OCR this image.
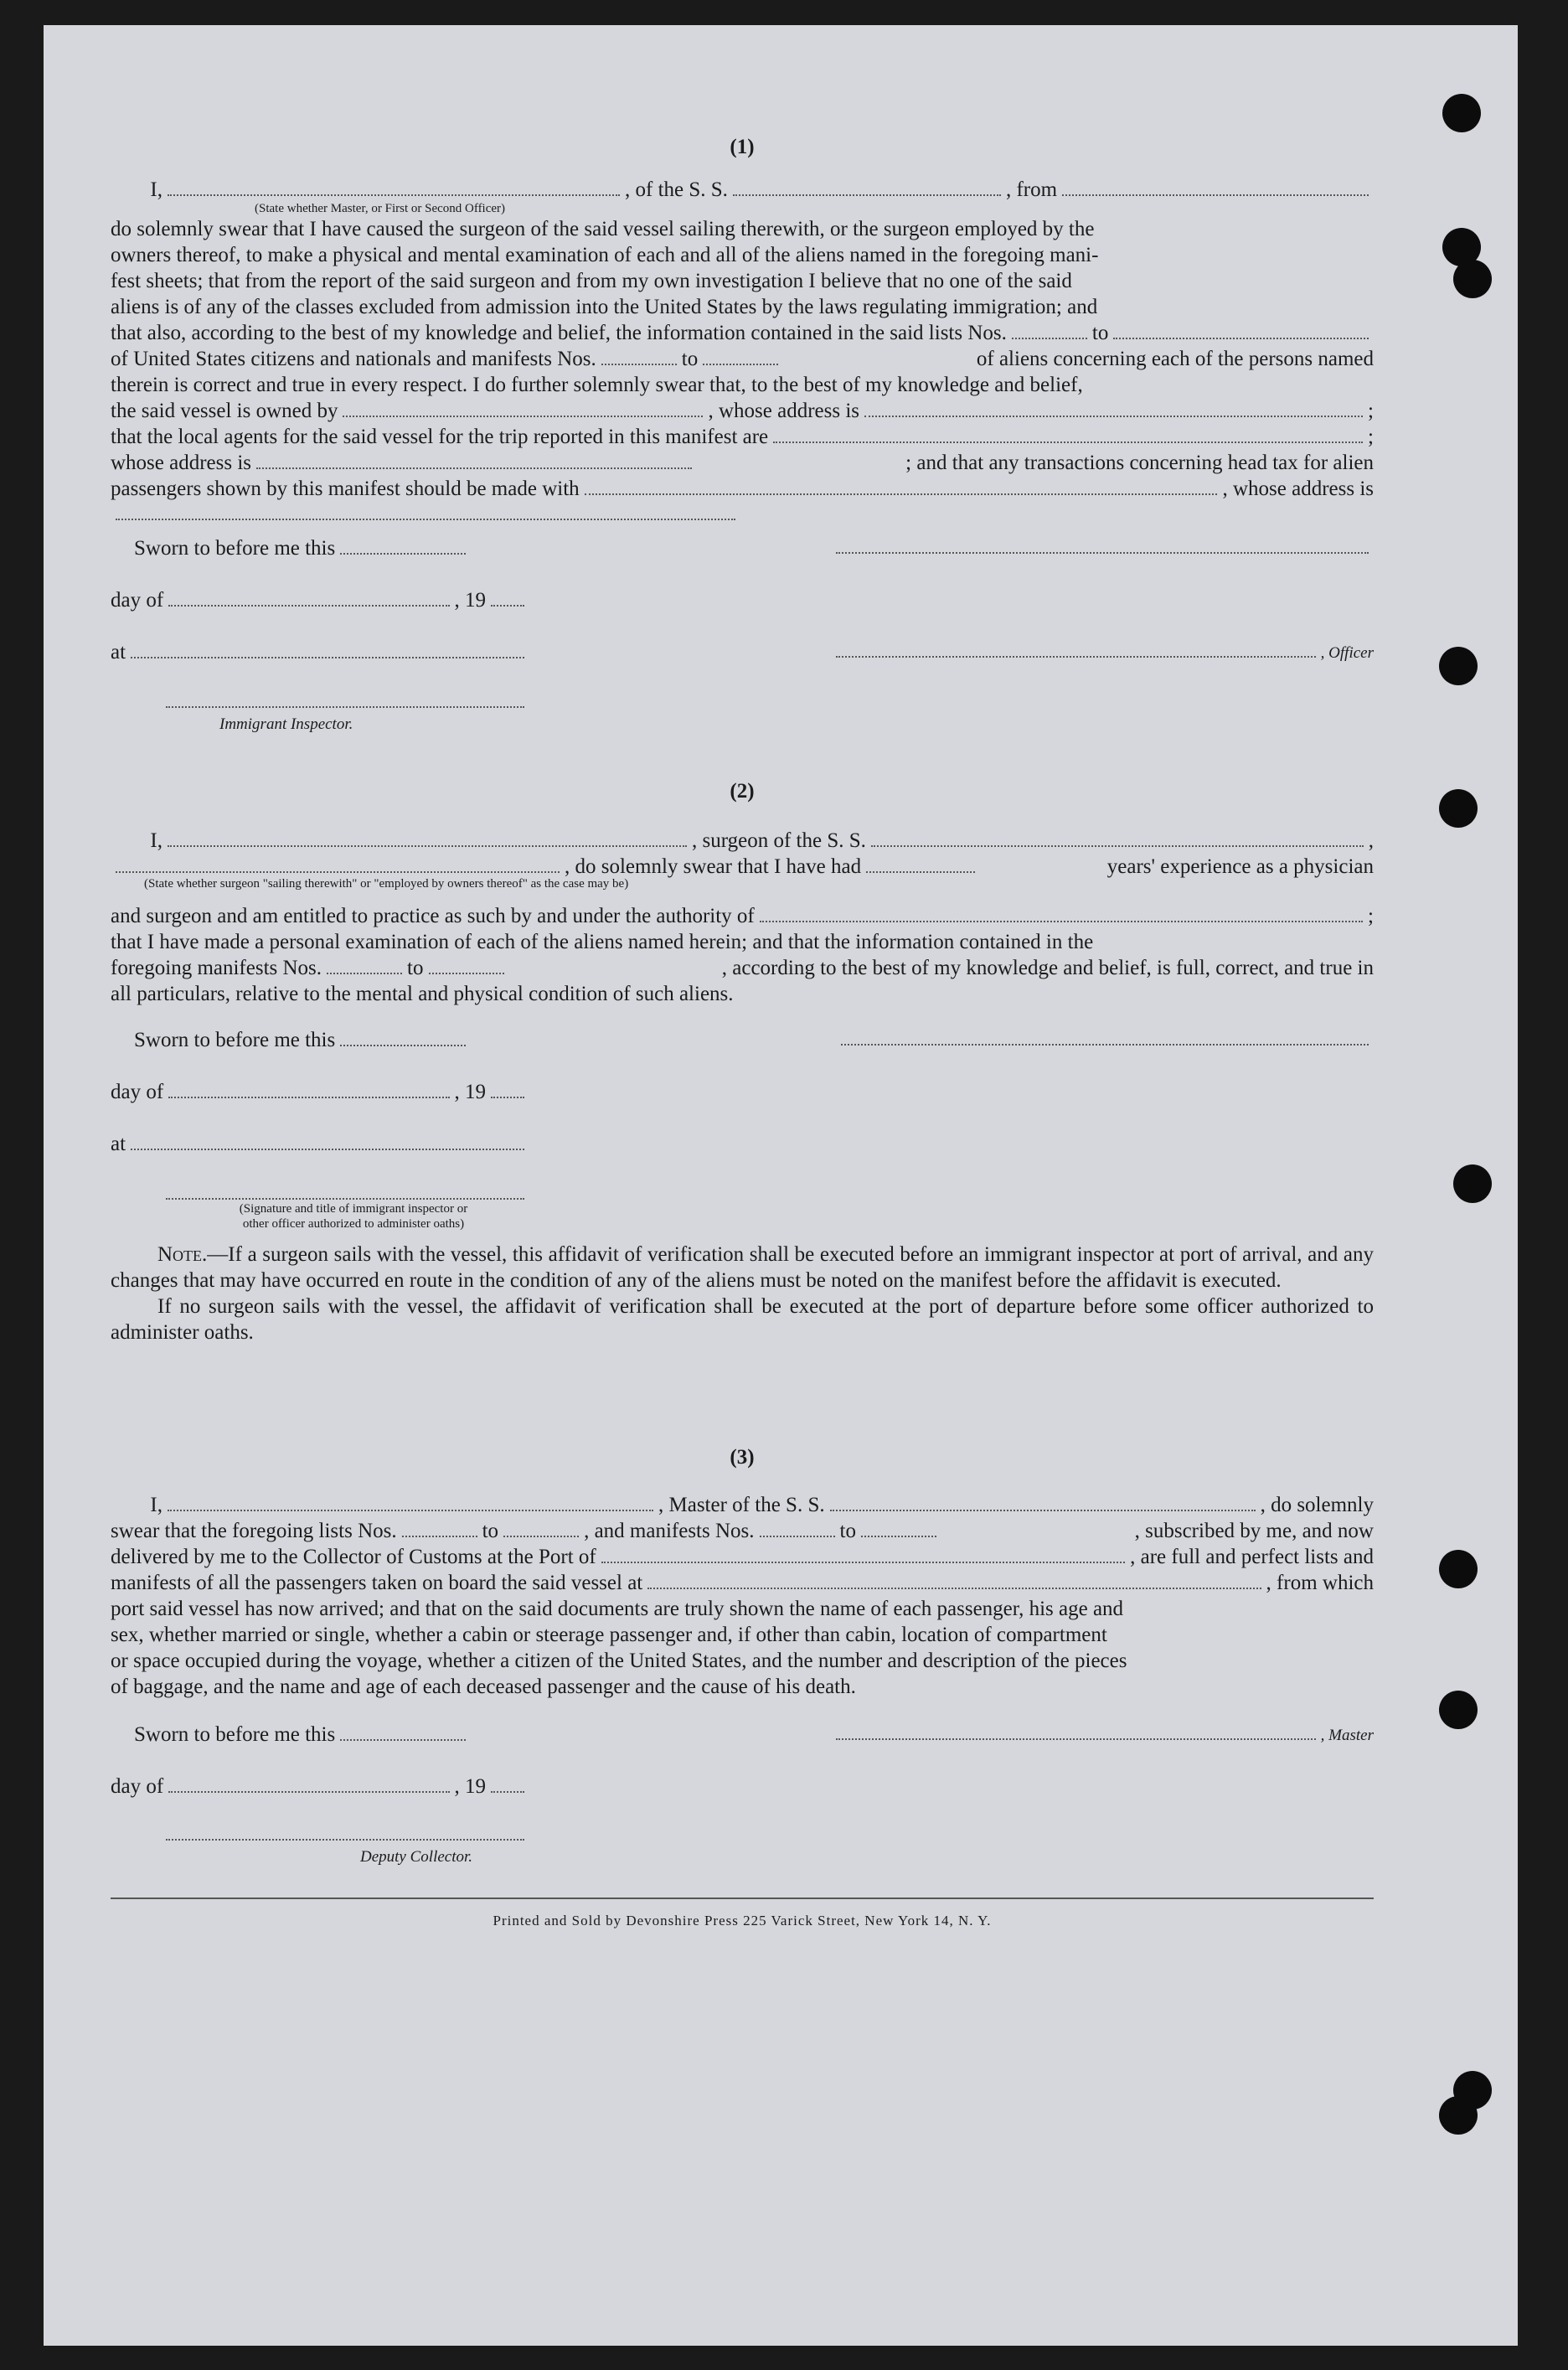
(1)

I,	, of the S. S.	, from
(State whether Master, or First or Second Officer)

do solemnly swear that I have caused the surgeon of the said vessel sailing therewith, or the surgeon employed by the

owners thereof, to make a physical and mental examination of each and all of the aliens named in the foregoing mani-

fest sheets; that from the report of the said surgeon and from my own investigation I believe that no one of the said

aliens is of any of the classes excluded from admission into the United States by the laws regulating immigration; and

that also, according to the best of my knowledge and belief, the information contained in the said lists Nos.	to
of United States citizens and nationals and manifests Nos.	to	of aliens concerning each of the persons named

therein is correct and true in every respect. I do further solemnly swear that, to the best of my knowledge and belief,

the said vessel is owned by	, whose address is	;
that the local agents for the said vessel for the trip reported in this manifest are	;
whose address is	; and that any transactions concerning head tax for alien
passengers shown by this manifest should be made with	, whose address is
Sworn to before me this
day of	, 19
at	, Officer
Immigrant Inspector.

(2)

I,	, surgeon of the S. S.	,
, do solemnly swear that I have had	years' experience as a physician
(State whether surgeon "sailing therewith" or "employed by owners thereof" as the case may be)
and surgeon and am entitled to practice as such by and under the authority of	;

that I have made a personal examination of each of the aliens named herein; and that the information contained in the

foregoing manifests Nos.	to	, according to the best of my knowledge and belief, is full, correct, and true in

all particulars, relative to the mental and physical condition of such aliens.

Sworn to before me this
day of	, 19
at
(Signature and title of immigrant inspector or
other officer authorized to administer oaths)

Note.—If a surgeon sails with the vessel, this affidavit of verification shall be executed before an immigrant inspector at port of arrival, and any changes that may have occurred en route in the condition of any of the aliens must be noted on the manifest before the affidavit is executed.

If no surgeon sails with the vessel, the affidavit of verification shall be executed at the port of departure before some officer authorized to administer oaths.

(3)

I,	, Master of the S. S.	, do solemnly
swear that the foregoing lists Nos.	to	, and manifests Nos.	to	, subscribed by me, and now
delivered by me to the Collector of Customs at the Port of	, are full and perfect lists and
manifests of all the passengers taken on board the said vessel at	, from which

port said vessel has now arrived; and that on the said documents are truly shown the name of each passenger, his age and

sex, whether married or single, whether a cabin or steerage passenger and, if other than cabin, location of compartment

or space occupied during the voyage, whether a citizen of the United States, and the number and description of the pieces

of baggage, and the name and age of each deceased passenger and the cause of his death.

Sworn to before me this	, Master
day of	, 19
Deputy Collector.
Printed and Sold by Devonshire Press 225 Varick Street, New York 14, N. Y.
